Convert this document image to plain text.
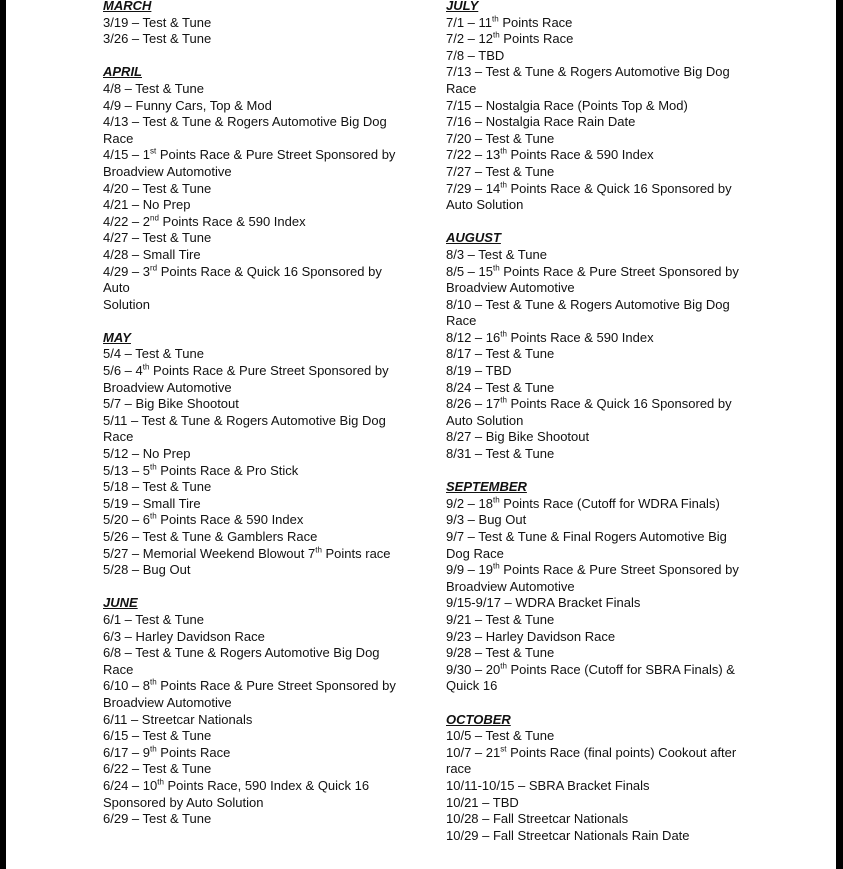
MARCH
3/19 – Test & Tune
3/26 – Test & Tune
APRIL
4/8 – Test & Tune
4/9 – Funny Cars, Top & Mod
4/13 – Test & Tune & Rogers Automotive Big Dog
Race
4/15 – 1st Points Race & Pure Street Sponsored by
Broadview Automotive
4/20 – Test & Tune
4/21 – No Prep
4/22 – 2nd Points Race & 590 Index
4/27 – Test & Tune
4/28 – Small Tire
4/29 – 3rd Points Race & Quick 16 Sponsored by Auto
Solution
MAY
5/4 – Test & Tune
5/6 – 4th Points Race & Pure Street Sponsored by
Broadview Automotive
5/7 – Big Bike Shootout
5/11 – Test & Tune & Rogers Automotive Big Dog
Race
5/12 – No Prep
5/13 – 5th Points Race & Pro Stick
5/18 – Test & Tune
5/19 – Small Tire
5/20 – 6th Points Race & 590 Index
5/26 – Test & Tune & Gamblers Race
5/27 – Memorial Weekend Blowout 7th Points race
5/28 – Bug Out
JUNE
6/1 – Test & Tune
6/3 – Harley Davidson Race
6/8 – Test & Tune & Rogers Automotive Big Dog
Race
6/10 – 8th Points Race & Pure Street Sponsored by
Broadview Automotive
6/11 – Streetcar Nationals
6/15 – Test & Tune
6/17 – 9th Points Race
6/22 – Test & Tune
6/24 – 10th Points Race, 590 Index & Quick 16
Sponsored by Auto Solution
6/29 – Test & Tune
JULY
7/1 – 11th Points Race
7/2 – 12th Points Race
7/8 – TBD
7/13 – Test & Tune & Rogers Automotive Big Dog
Race
7/15 – Nostalgia Race (Points Top & Mod)
7/16 – Nostalgia Race Rain Date
7/20 – Test & Tune
7/22 – 13th Points Race & 590 Index
7/27 – Test & Tune
7/29 – 14th Points Race & Quick 16 Sponsored by
Auto Solution
AUGUST
8/3 – Test & Tune
8/5 – 15th Points Race & Pure Street Sponsored by
Broadview Automotive
8/10 – Test & Tune & Rogers Automotive Big Dog
Race
8/12 – 16th Points Race & 590 Index
8/17 – Test & Tune
8/19 – TBD
8/24 – Test & Tune
8/26 – 17th Points Race & Quick 16 Sponsored by
Auto Solution
8/27 – Big Bike Shootout
8/31 – Test & Tune
SEPTEMBER
9/2 – 18th Points Race (Cutoff for WDRA Finals)
9/3 – Bug Out
9/7 – Test & Tune & Final Rogers Automotive Big
Dog Race
9/9 – 19th Points Race & Pure Street Sponsored by
Broadview Automotive
9/15-9/17 – WDRA Bracket Finals
9/21 – Test & Tune
9/23 – Harley Davidson Race
9/28 – Test & Tune
9/30 – 20th Points Race (Cutoff for SBRA Finals) &
Quick 16
OCTOBER
10/5 – Test & Tune
10/7 – 21st Points Race (final points) Cookout after
race
10/11-10/15 – SBRA Bracket Finals
10/21 – TBD
10/28 – Fall Streetcar Nationals
10/29 – Fall Streetcar Nationals Rain Date
